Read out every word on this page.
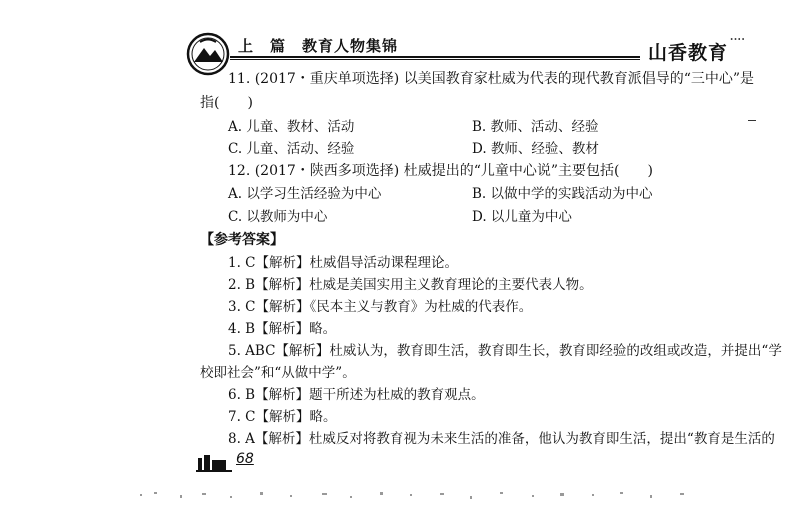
上　篇　教育人物集锦	山香教育
ᐧᐧᐧᐧ
11. (2017・重庆单项选择) 以美国教育家杜威为代表的现代教育派倡导的“三中心”是
指(　　)
A. 儿童、教材、活动	B. 教师、活动、经验
C. 儿童、活动、经验	D. 教师、经验、教材
12. (2017・陕西多项选择) 杜威提出的“儿童中心说”主要包括(　　)
A. 以学习生活经验为中心	B. 以做中学的实践活动为中心
C. 以教师为中心	D. 以儿童为中心
【参考答案】
1. C【解析】杜威倡导活动课程理论。
2. B【解析】杜威是美国实用主义教育理论的主要代表人物。
3. C【解析】《民本主义与教育》为杜威的代表作。
4. B【解析】略。
5. ABC【解析】杜威认为，教育即生活，教育即生长，教育即经验的改组或改造，并提出“学
校即社会”和“从做中学”。
6. B【解析】题干所述为杜威的教育观点。
7. C【解析】略。
8. A【解析】杜威反对将教育视为未来生活的准备，他认为教育即生活，提出“教育是生活的
68
